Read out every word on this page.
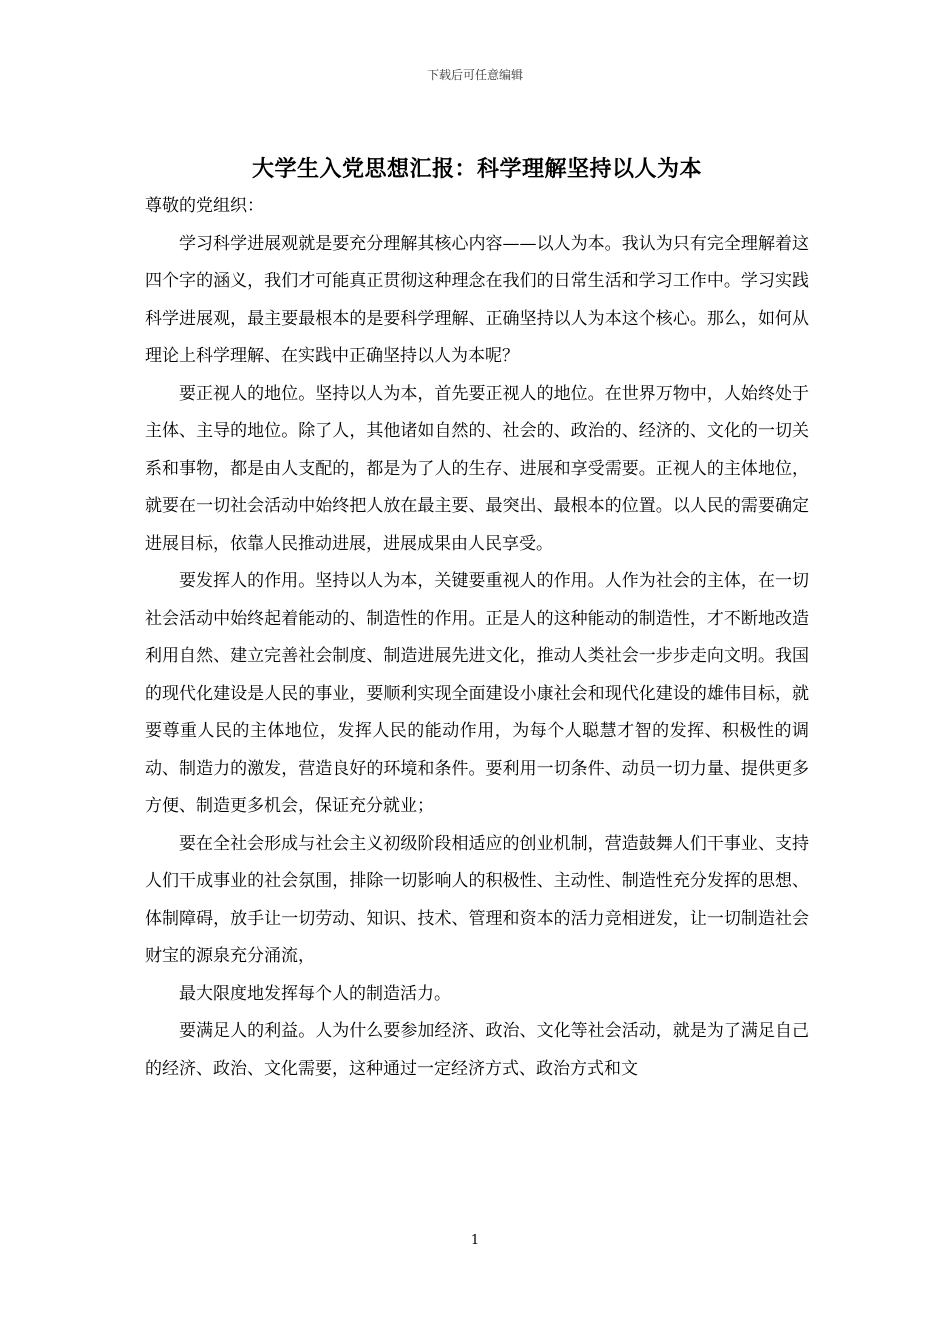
下载后可任意编辑
大学生入党思想汇报：科学理解坚持以人为本

尊敬的党组织：

学习科学进展观就是要充分理解其核心内容——以人为本。我认为只有完全理解着这四个字的涵义，我们才可能真正贯彻这种理念在我们的日常生活和学习工作中。学习实践科学进展观，最主要最根本的是要科学理解、正确坚持以人为本这个核心。那么，如何从理论上科学理解、在实践中正确坚持以人为本呢？

要正视人的地位。坚持以人为本，首先要正视人的地位。在世界万物中，人始终处于主体、主导的地位。除了人，其他诸如自然的、社会的、政治的、经济的、文化的一切关系和事物，都是由人支配的，都是为了人的生存、进展和享受需要。正视人的主体地位，就要在一切社会活动中始终把人放在最主要、最突出、最根本的位置。以人民的需要确定进展目标，依靠人民推动进展，进展成果由人民享受。

要发挥人的作用。坚持以人为本，关键要重视人的作用。人作为社会的主体，在一切社会活动中始终起着能动的、制造性的作用。正是人的这种能动的制造性，才不断地改造利用自然、建立完善社会制度、制造进展先进文化，推动人类社会一步步走向文明。我国的现代化建设是人民的事业，要顺利实现全面建设小康社会和现代化建设的雄伟目标，就要尊重人民的主体地位，发挥人民的能动作用，为每个人聪慧才智的发挥、积极性的调动、制造力的激发，营造良好的环境和条件。要利用一切条件、动员一切力量、提供更多方便、制造更多机会，保证充分就业；

要在全社会形成与社会主义初级阶段相适应的创业机制，营造鼓舞人们干事业、支持人们干成事业的社会氛围，排除一切影响人的积极性、主动性、制造性充分发挥的思想、体制障碍，放手让一切劳动、知识、技术、管理和资本的活力竞相迸发，让一切制造社会财宝的源泉充分涌流，

最大限度地发挥每个人的制造活力。

要满足人的利益。人为什么要参加经济、政治、文化等社会活动，就是为了满足自己的经济、政治、文化需要，这种通过一定经济方式、政治方式和文

1
